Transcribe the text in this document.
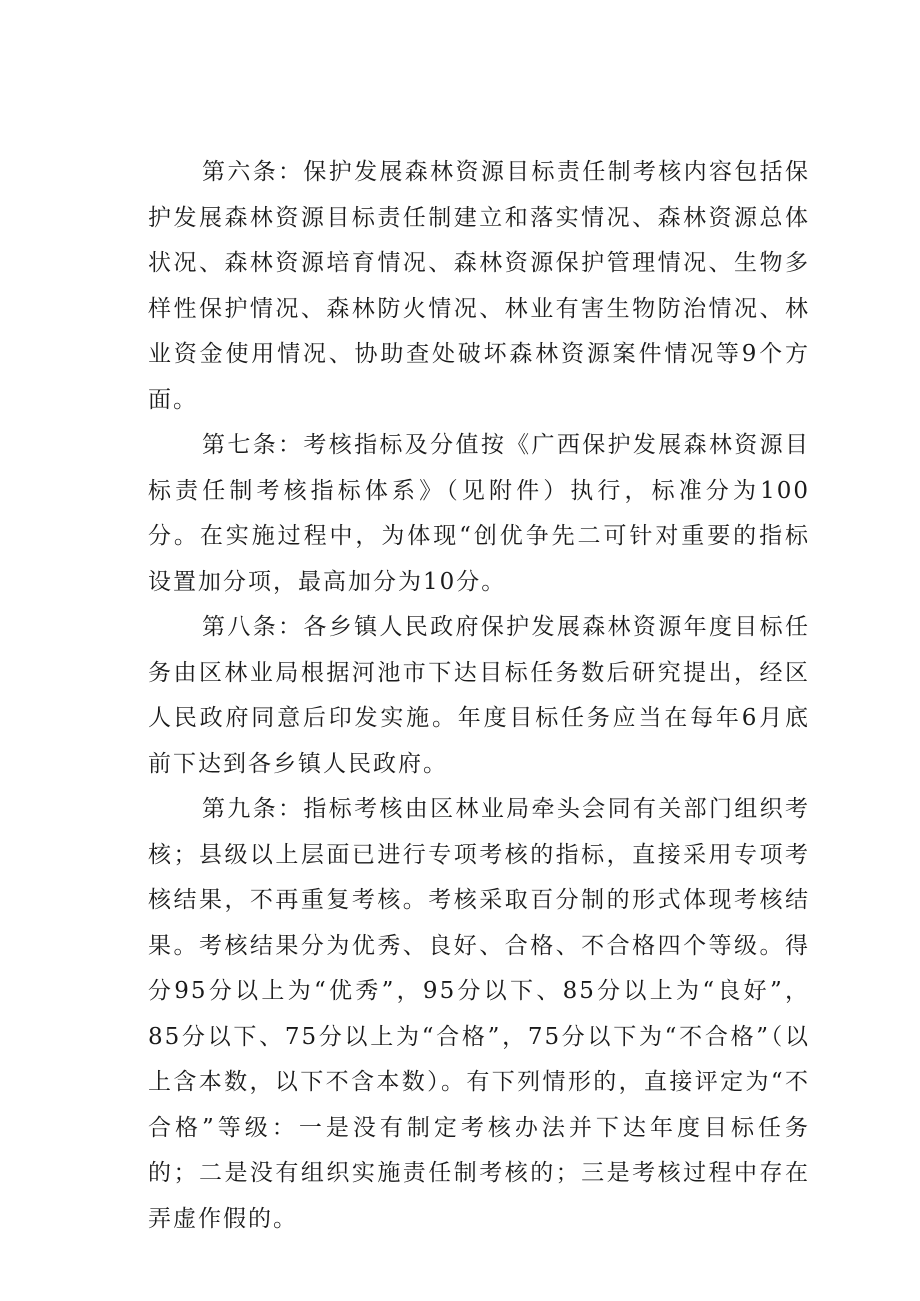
第六条：保护发展森林资源目标责任制考核内容包括保护发展森林资源目标责任制建立和落实情况、森林资源总体状况、森林资源培育情况、森林资源保护管理情况、生物多样性保护情况、森林防火情况、林业有害生物防治情况、林业资金使用情况、协助查处破坏森林资源案件情况等9个方面。

第七条：考核指标及分值按《广西保护发展森林资源目标责任制考核指标体系》（见附件）执行，标准分为100分。在实施过程中，为体现“创优争先二可针对重要的指标设置加分项，最高加分为10分。

第八条：各乡镇人民政府保护发展森林资源年度目标任务由区林业局根据河池市下达目标任务数后研究提出，经区人民政府同意后印发实施。年度目标任务应当在每年6月底前下达到各乡镇人民政府。

第九条：指标考核由区林业局牵头会同有关部门组织考核；县级以上层面已进行专项考核的指标，直接采用专项考核结果，不再重复考核。考核采取百分制的形式体现考核结果。考核结果分为优秀、良好、合格、不合格四个等级。得分95分以上为“优秀”，95分以下、85分以上为“良好”，85分以下、75分以上为“合格”，75分以下为“不合格”（以上含本数，以下不含本数）。有下列情形的，直接评定为“不合格”等级：一是没有制定考核办法并下达年度目标任务的；二是没有组织实施责任制考核的；三是考核过程中存在弄虚作假的。
